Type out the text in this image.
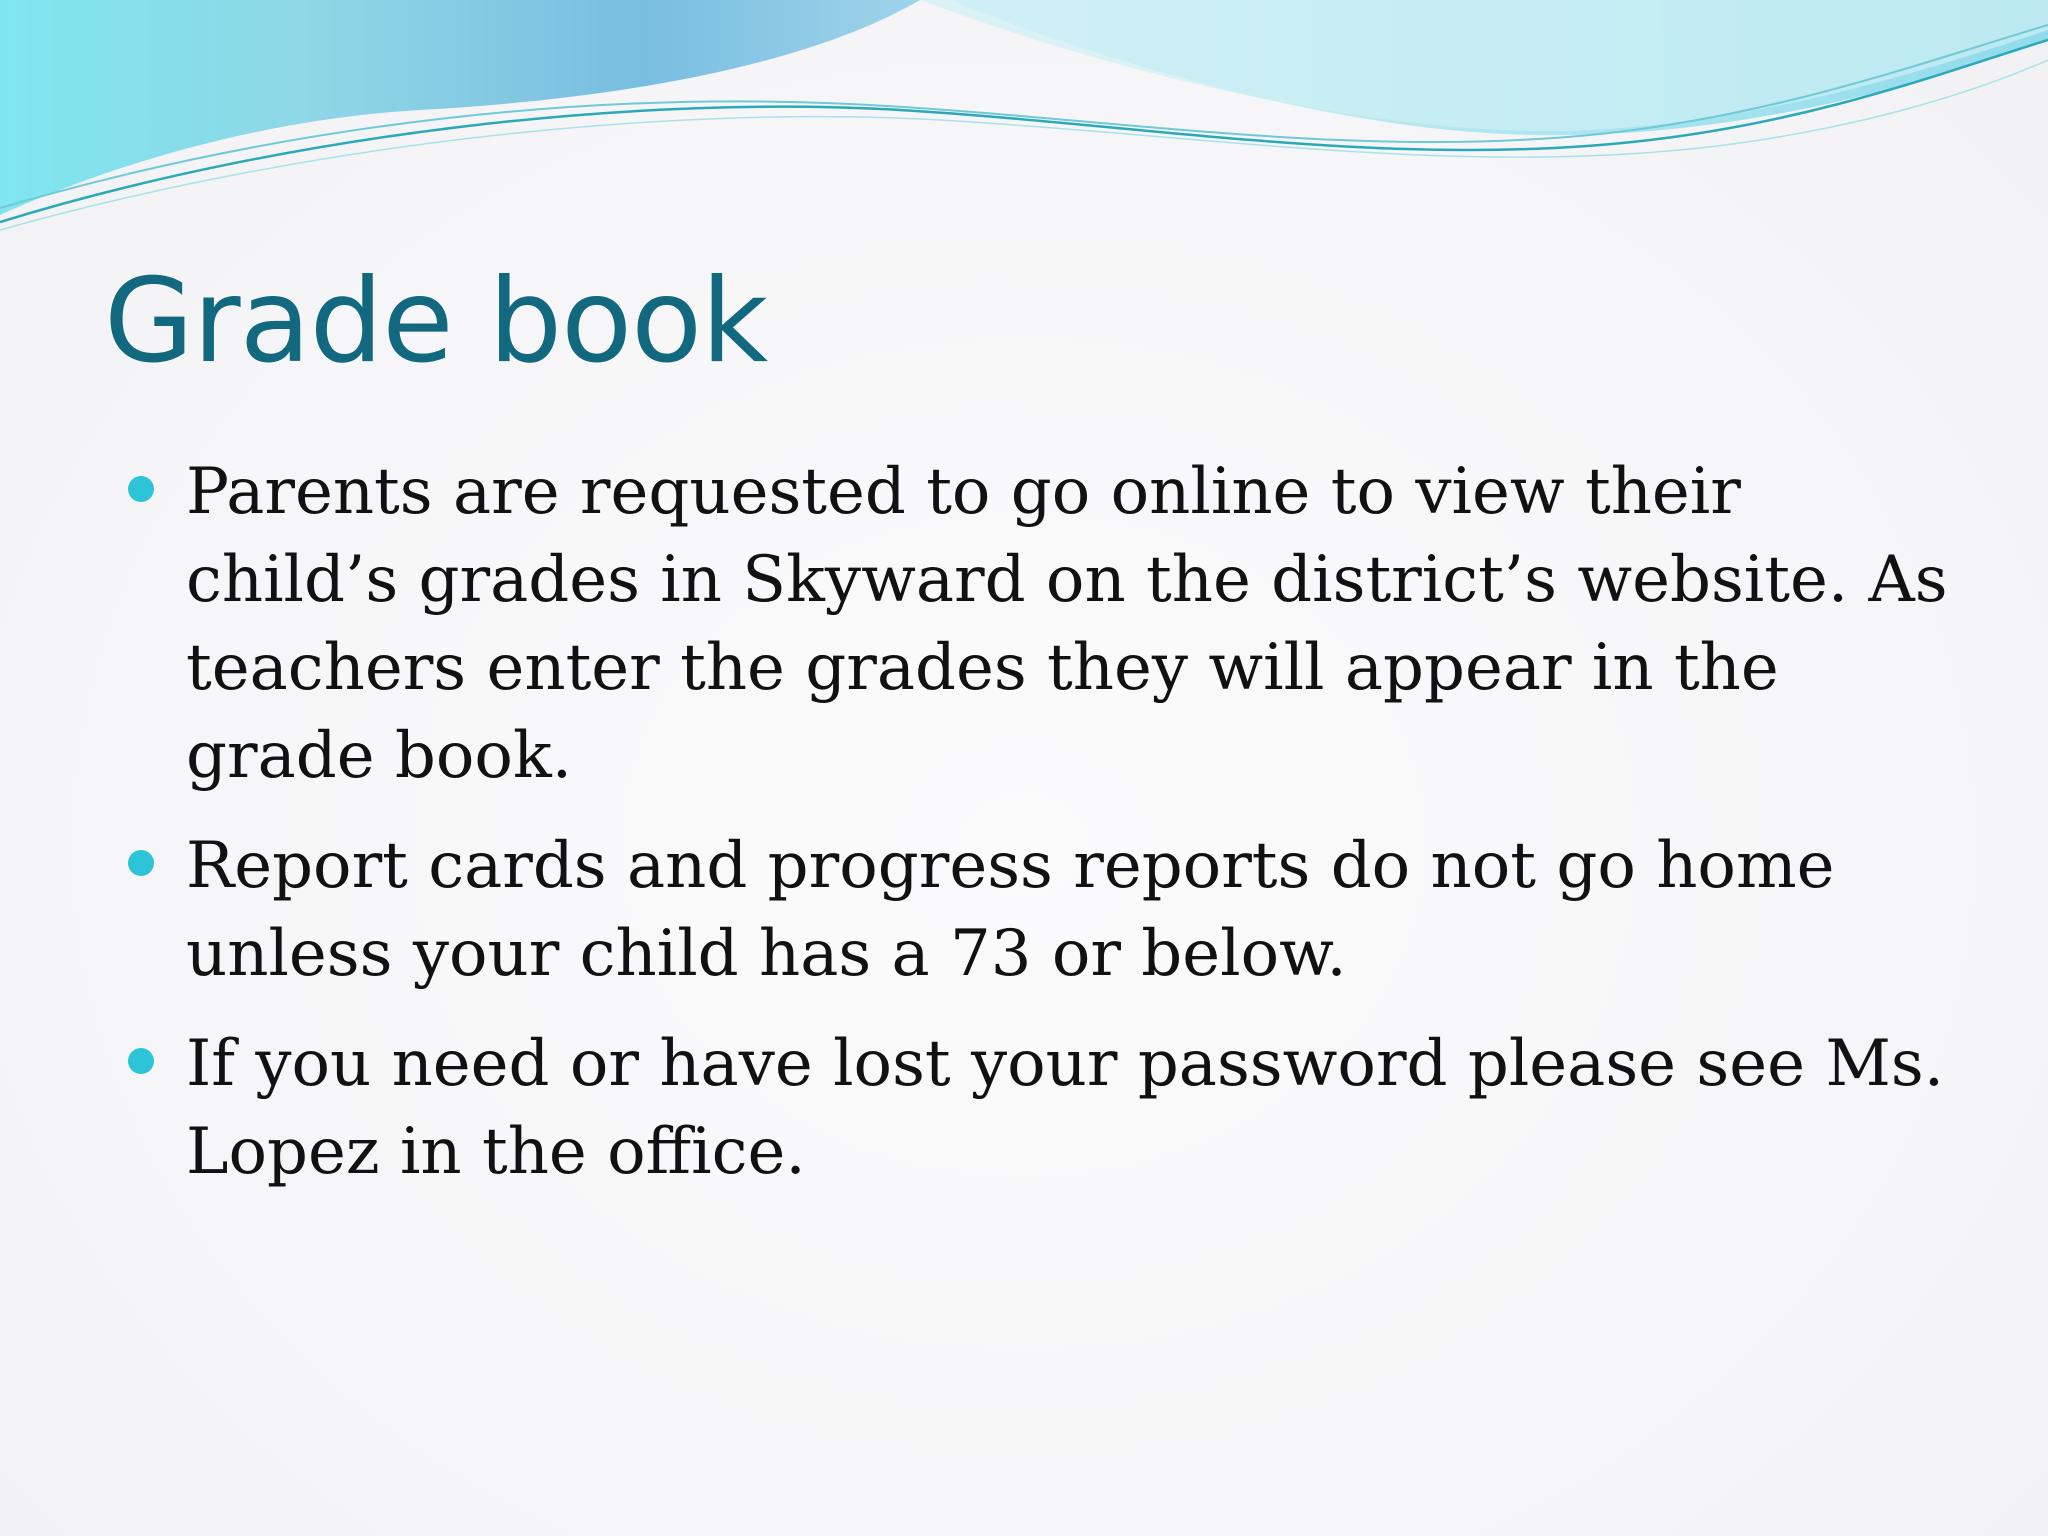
Grade book
Parents are requested to go online to view their child’s grades in Skyward on the district’s website. As teachers enter the grades they will appear in the grade book.
Report cards and progress reports do not go home unless your child has a 73 or below.
If you need or have lost your password please see Ms. Lopez in the office.
